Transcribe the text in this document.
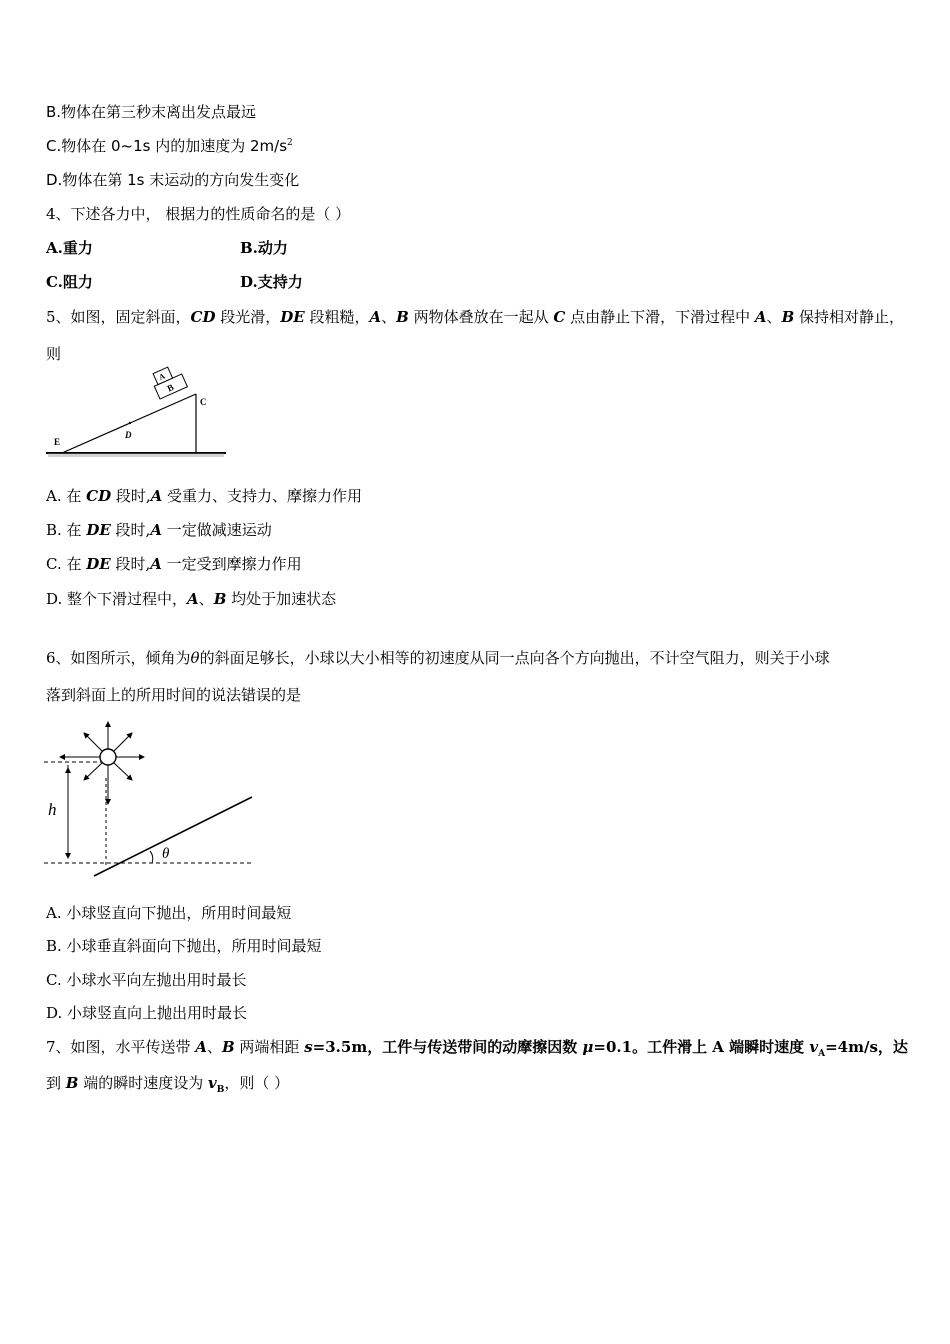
B.物体在第三秒末离出发点最远
C.物体在 0~1s 内的加速度为 $2m/s^2$
D.物体在第 1s 末运动的方向发生变化
4、下述各力中， 根据力的性质命名的是（ ）
A.重力	B.动力
C.阻力	D.支持力
5、如图，固定斜面，CD 段光滑，DE 段粗糙，A、B 两物体叠放在一起从 C 点由静止下滑，下滑过程中 A、B 保持相对静止，
则
B
A
C
D
E
A. 在 CD 段时,A 受重力、支持力、摩擦力作用
B. 在 DE 段时,A 一定做减速运动
C. 在 DE 段时,A 一定受到摩擦力作用
D. 整个下滑过程中，A、B 均处于加速状态
6、如图所示，倾角为θ的斜面足够长，小球以大小相等的初速度从同一点向各个方向抛出，不计空气阻力，则关于小球
落到斜面上的所用时间的说法错误 · ·的是
h
θ
A. 小球竖直向下抛出，所用时间最短
B. 小球垂直斜面向下抛出，所用时间最短
C. 小球水平向左抛出用时最长
D. 小球竖直向上抛出用时最长
7、如图，水平传送带 A、B 两端相距 s=3.5m，工件与传送带间的动摩擦因数 μ=0.1。工件滑上 A 端瞬时速度 $v_A=4m/s$，达
到 B 端的瞬时速度设为 $v_B$，则（ ）
